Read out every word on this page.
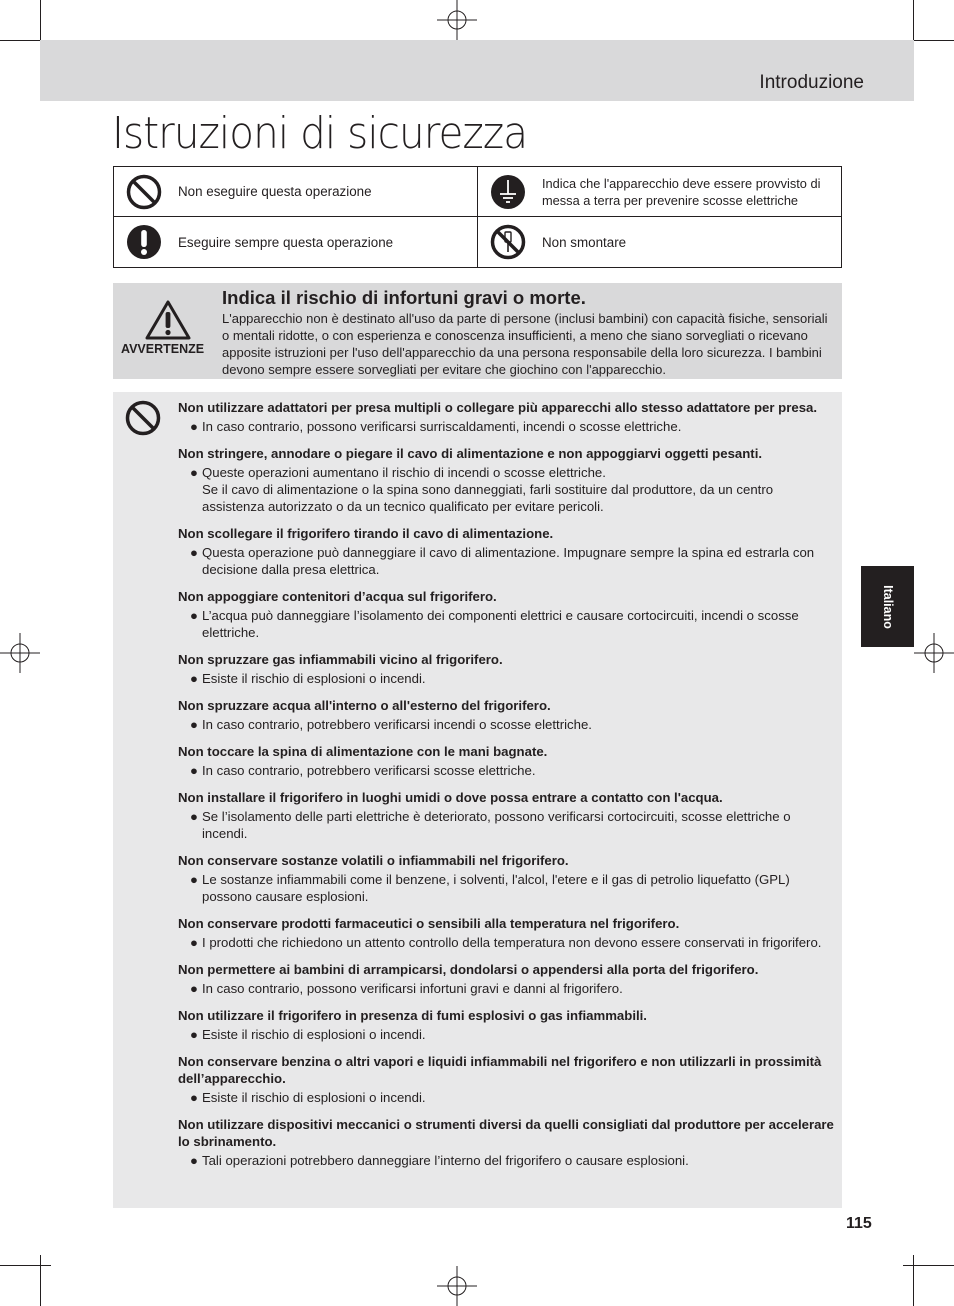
Introduzione
Istruzioni di sicurezza
Non eseguire questa operazione
Indica che l'apparecchio deve essere provvisto di messa a terra per prevenire scosse elettriche
Eseguire sempre questa operazione	Non smontare
AVVERTENZE
Indica il rischio di infortuni gravi o morte.
L'apparecchio non è destinato all'uso da parte di persone (inclusi bambini) con capacità fisiche, sensoriali o mentali ridotte, o con esperienza e conoscenza insufficienti, a meno che siano sorvegliati o ricevano apposite istruzioni per l'uso dell'apparecchio da una persona responsabile della loro sicurezza. I bambini devono sempre essere sorvegliati per evitare che giochino con l'apparecchio.
Non utilizzare adattatori per presa multipli o collegare più apparecchi allo stesso adattatore per presa.
● In caso contrario, possono verificarsi surriscaldamenti, incendi o scosse elettriche.
Non stringere, annodare o piegare il cavo di alimentazione e non appoggiarvi oggetti pesanti.
● Queste operazioni aumentano il rischio di incendi o scosse elettriche.
Se il cavo di alimentazione o la spina sono danneggiati, farli sostituire dal produttore, da un centro assistenza autorizzato o da un tecnico qualificato per evitare pericoli.
Non scollegare il frigorifero tirando il cavo di alimentazione.
● Questa operazione può danneggiare il cavo di alimentazione. Impugnare sempre la spina ed estrarla con decisione dalla presa elettrica.
Non appoggiare contenitori d’acqua sul frigorifero.
● L’acqua può danneggiare l’isolamento dei componenti elettrici e causare cortocircuiti, incendi o scosse elettriche.
Non spruzzare gas infiammabili vicino al frigorifero.
● Esiste il rischio di esplosioni o incendi.
Non spruzzare acqua all'interno o all'esterno del frigorifero.
● In caso contrario, potrebbero verificarsi incendi o scosse elettriche.
Non toccare la spina di alimentazione con le mani bagnate.
● In caso contrario, potrebbero verificarsi scosse elettriche.
Non installare il frigorifero in luoghi umidi o dove possa entrare a contatto con l'acqua.
● Se l’isolamento delle parti elettriche è deteriorato, possono verificarsi cortocircuiti, scosse elettriche o incendi.
Non conservare sostanze volatili o infiammabili nel frigorifero.
● Le sostanze infiammabili come il benzene, i solventi, l'alcol, l'etere e il gas di petrolio liquefatto (GPL) possono causare esplosioni.
Non conservare prodotti farmaceutici o sensibili alla temperatura nel frigorifero.
● I prodotti che richiedono un attento controllo della temperatura non devono essere conservati in frigorifero.
Non permettere ai bambini di arrampicarsi, dondolarsi o appendersi alla porta del frigorifero.
● In caso contrario, possono verificarsi infortuni gravi e danni al frigorifero.
Non utilizzare il frigorifero in presenza di fumi esplosivi o gas infiammabili.
● Esiste il rischio di esplosioni o incendi.
Non conservare benzina o altri vapori e liquidi infiammabili nel frigorifero e non utilizzarli in prossimità dell’apparecchio.
● Esiste il rischio di esplosioni o incendi.
Non utilizzare dispositivi meccanici o strumenti diversi da quelli consigliati dal produttore per accelerare lo sbrinamento.
● Tali operazioni potrebbero danneggiare l’interno del frigorifero o causare esplosioni.
Italiano
115
